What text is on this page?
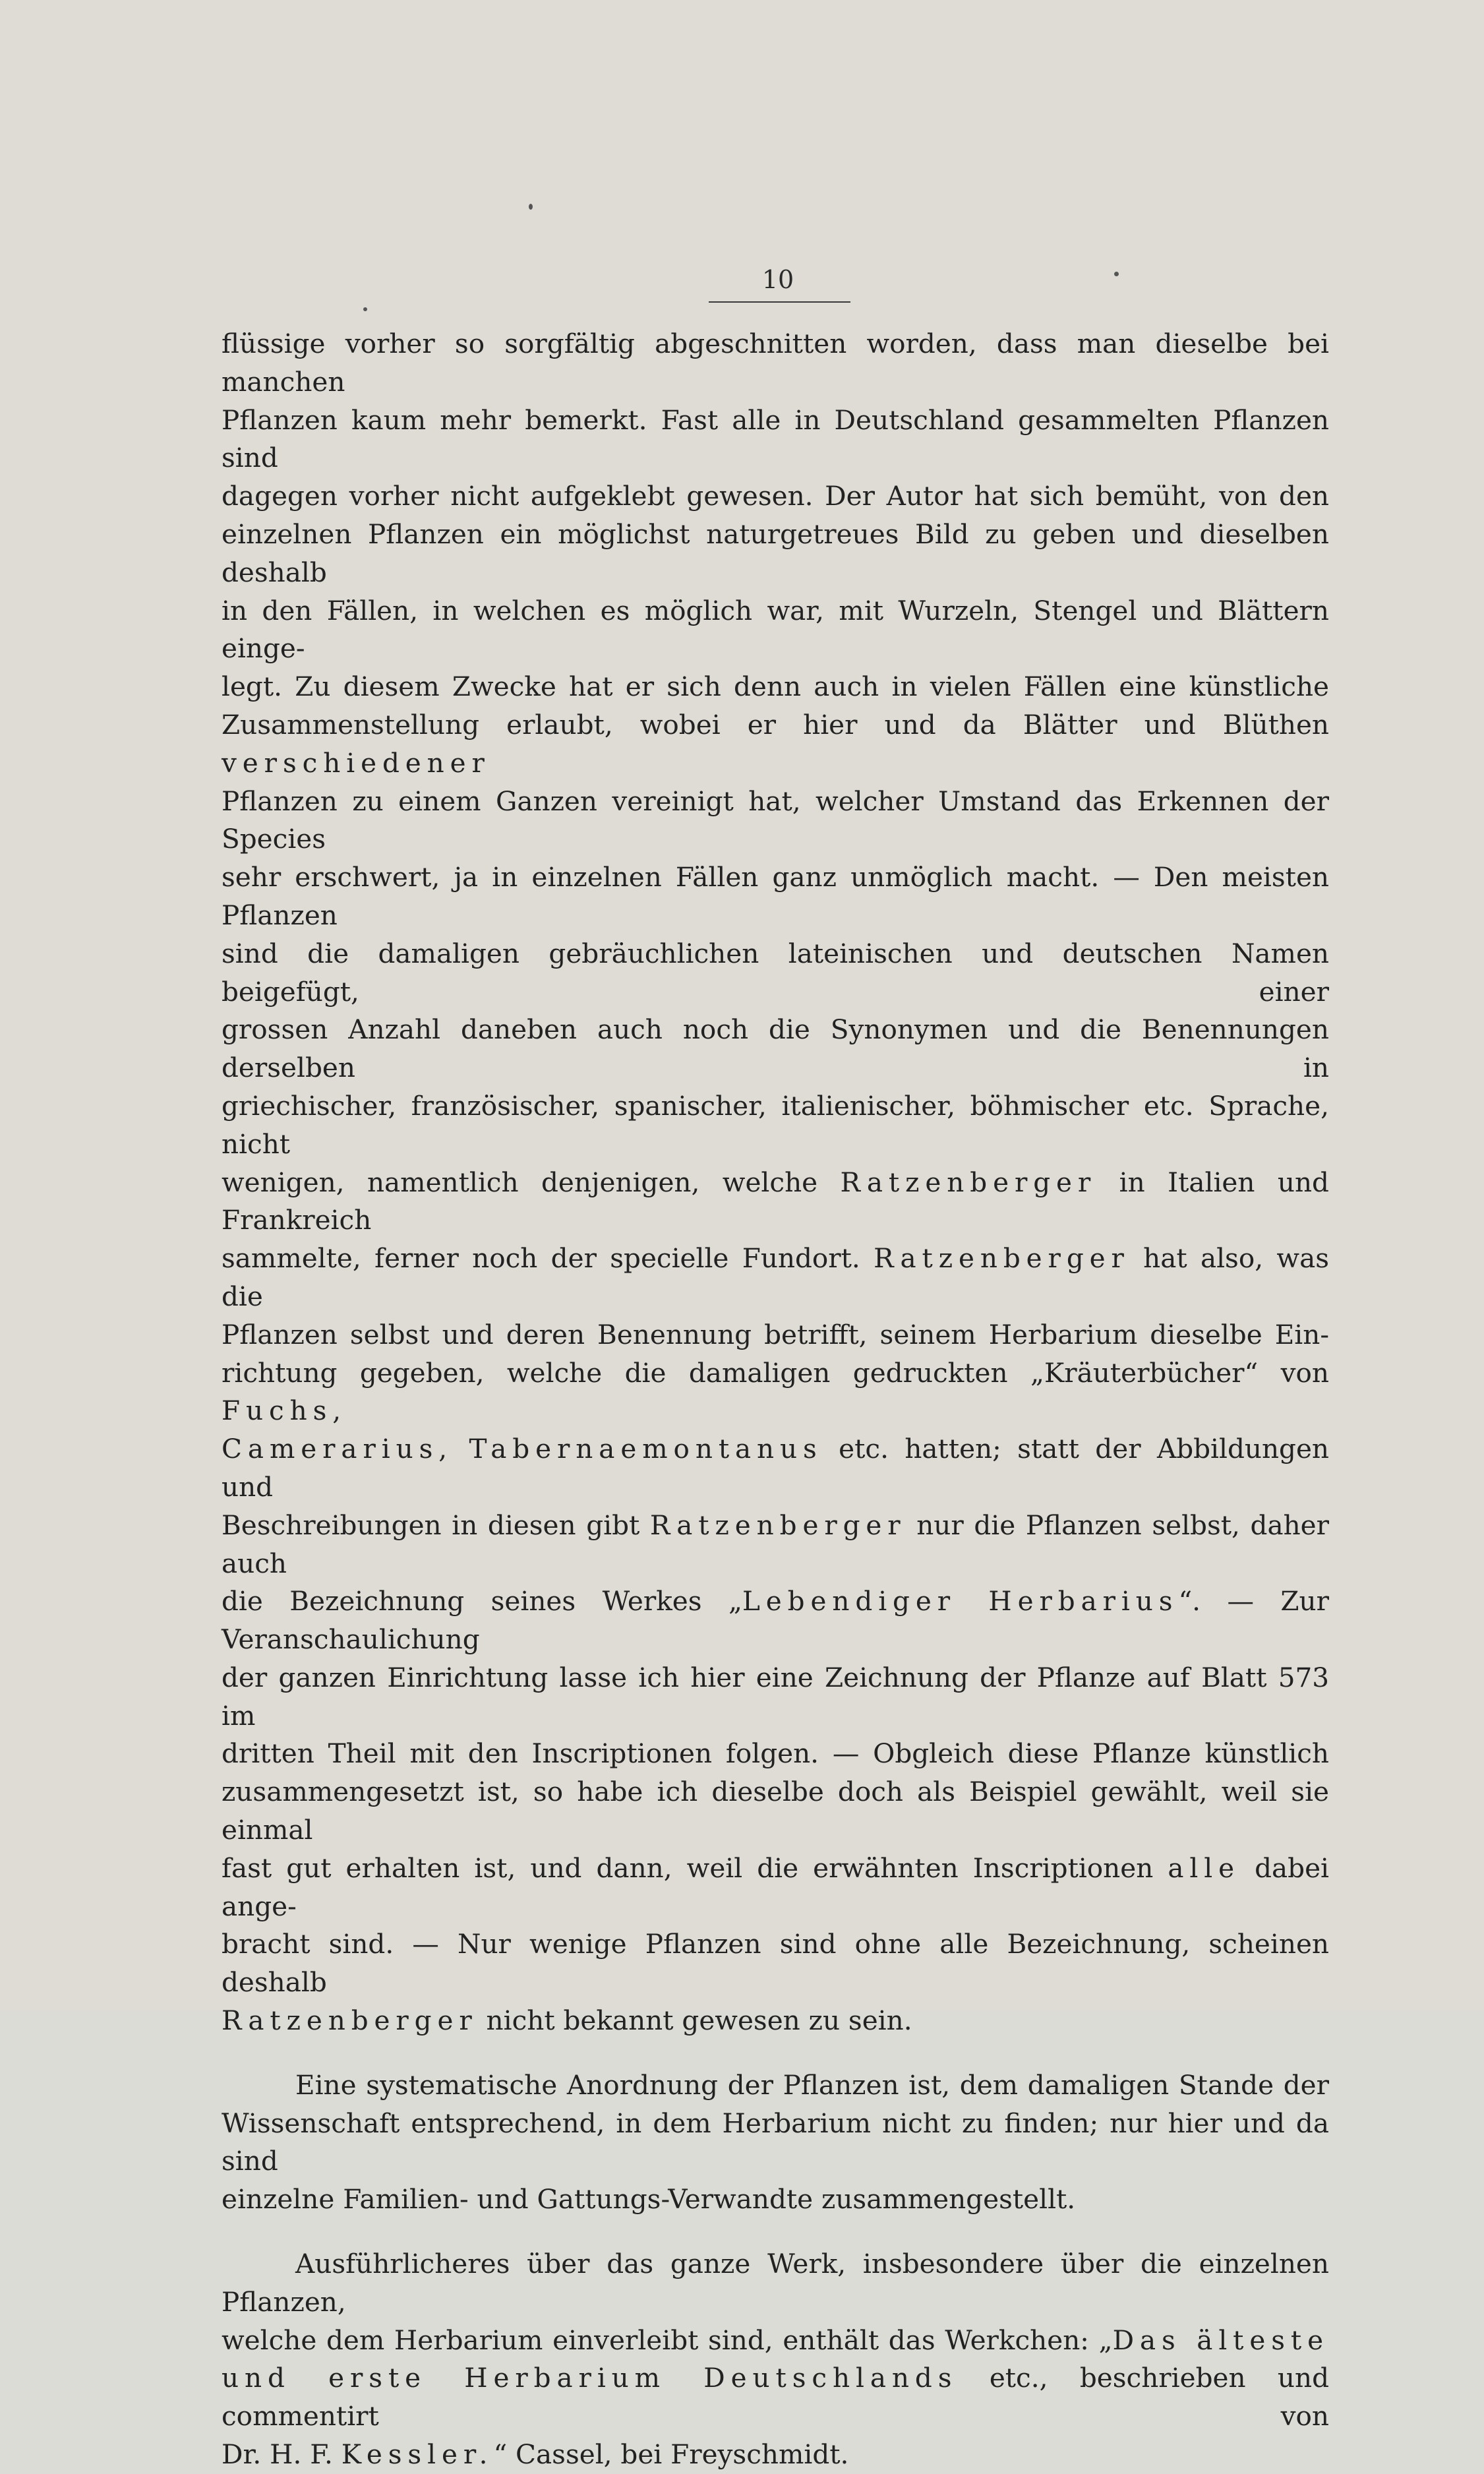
10

flüssige vorher so sorgfältig abgeschnitten worden, dass man dieselbe bei manchen

Pflanzen kaum mehr bemerkt. Fast alle in Deutschland gesammelten Pflanzen sind

dagegen vorher nicht aufgeklebt gewesen. Der Autor hat sich bemüht, von den

einzelnen Pflanzen ein möglichst naturgetreues Bild zu geben und dieselben deshalb

in den Fällen, in welchen es möglich war, mit Wurzeln, Stengel und Blättern einge-

legt. Zu diesem Zwecke hat er sich denn auch in vielen Fällen eine künstliche

Zusammenstellung erlaubt, wobei er hier und da Blätter und Blüthen verschiedener

Pflanzen zu einem Ganzen vereinigt hat, welcher Umstand das Erkennen der Species

sehr erschwert, ja in einzelnen Fällen ganz unmöglich macht. — Den meisten Pflanzen

sind die damaligen gebräuchlichen lateinischen und deutschen Namen beigefügt, einer

grossen Anzahl daneben auch noch die Synonymen und die Benennungen derselben in

griechischer, französischer, spanischer, italienischer, böhmischer etc. Sprache, nicht

wenigen, namentlich denjenigen, welche Ratzenberger in Italien und Frankreich

sammelte, ferner noch der specielle Fundort. Ratzenberger hat also, was die

Pflanzen selbst und deren Benennung betrifft, seinem Herbarium dieselbe Ein-

richtung gegeben, welche die damaligen gedruckten „Kräuterbücher“ von Fuchs,

Camerarius, Tabernaemontanus etc. hatten; statt der Abbildungen und

Beschreibungen in diesen gibt Ratzenberger nur die Pflanzen selbst, daher auch

die Bezeichnung seines Werkes „Lebendiger Herbarius“. — Zur Veranschaulichung

der ganzen Einrichtung lasse ich hier eine Zeichnung der Pflanze auf Blatt 573 im

dritten Theil mit den Inscriptionen folgen. — Obgleich diese Pflanze künstlich

zusammengesetzt ist, so habe ich dieselbe doch als Beispiel gewählt, weil sie einmal

fast gut erhalten ist, und dann, weil die erwähnten Inscriptionen alle dabei ange-

bracht sind. — Nur wenige Pflanzen sind ohne alle Bezeichnung, scheinen deshalb

Ratzenberger nicht bekannt gewesen zu sein.

Eine systematische Anordnung der Pflanzen ist, dem damaligen Stande der

Wissenschaft entsprechend, in dem Herbarium nicht zu finden; nur hier und da sind

einzelne Familien- und Gattungs-Verwandte zusammengestellt.

Ausführlicheres über das ganze Werk, insbesondere über die einzelnen Pflanzen,

welche dem Herbarium einverleibt sind, enthält das Werkchen: „Das älteste

und erste Herbarium Deutschlands etc., beschrieben und commentirt von

Dr. H. F. Kessler.“ Cassel, bei Freyschmidt.
